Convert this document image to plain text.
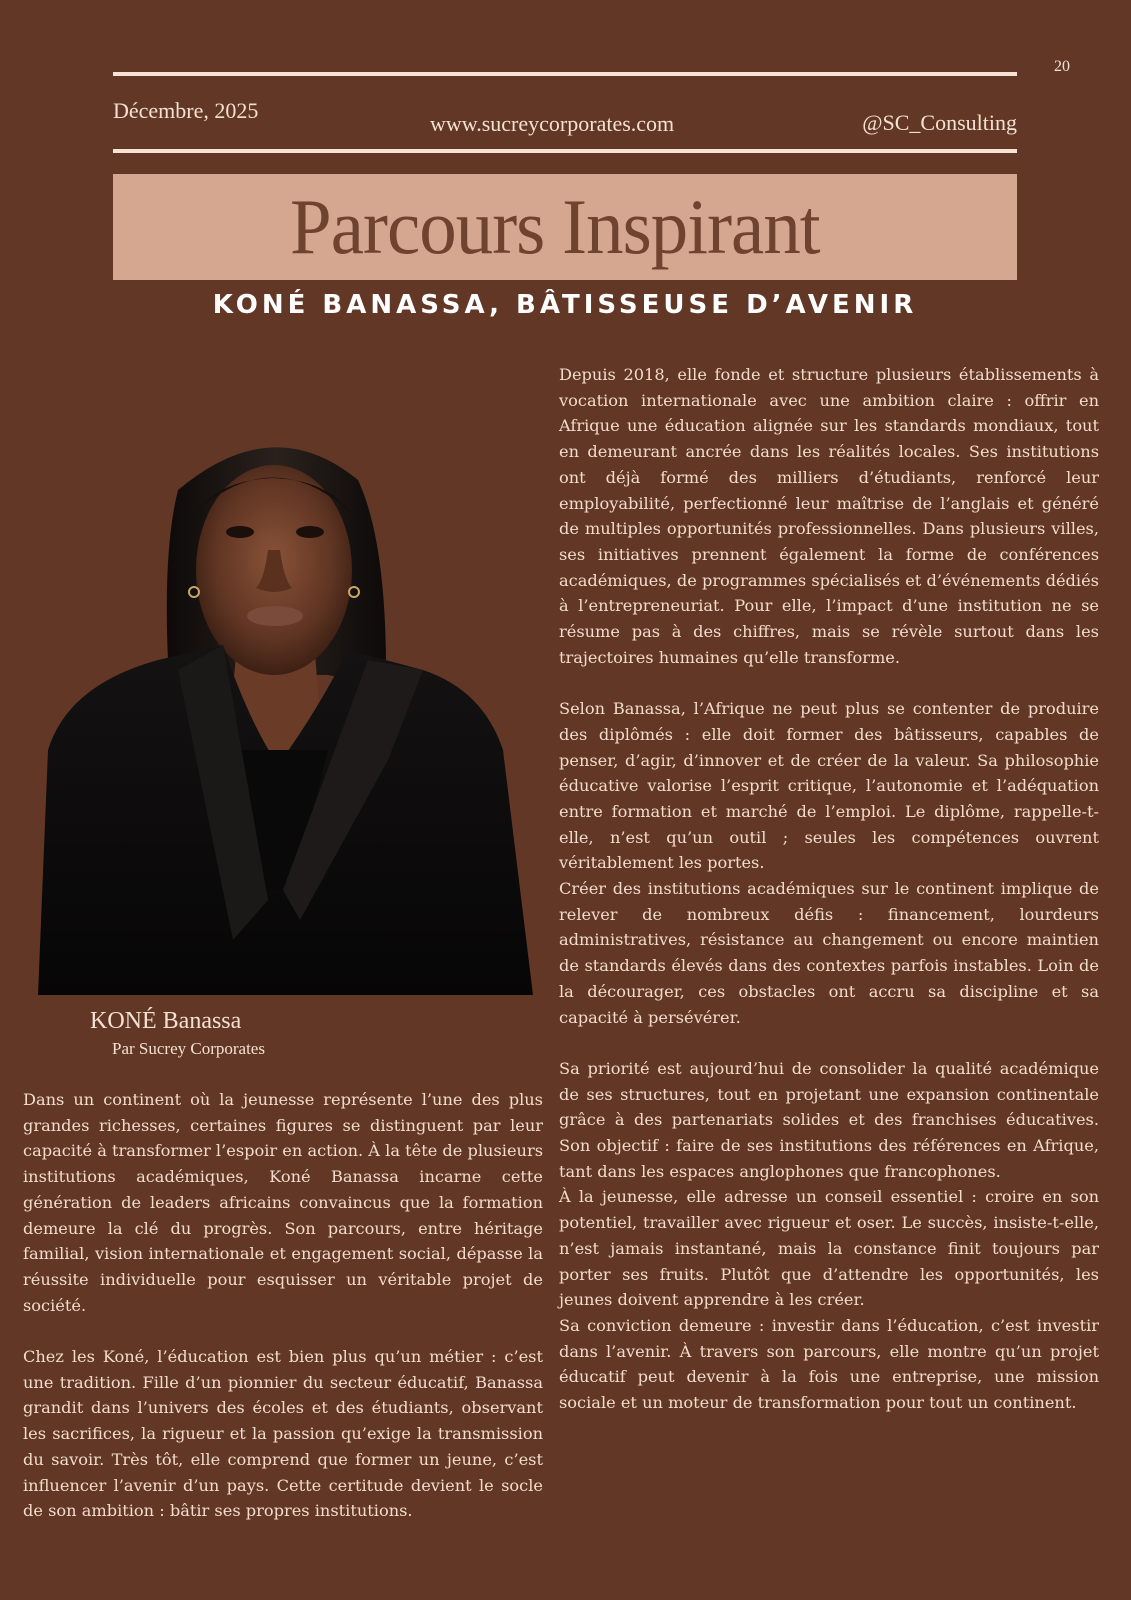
20
Décembre, 2025
www.sucreycorporates.com	@SC_Consulting
Parcours Inspirant
KONÉ BANASSA, BÂTISSEUSE D’AVENIR
KONÉ Banassa
Par Sucrey Corporates

Dans un continent où la jeunesse représente l’une des plus grandes richesses, certaines figures se distinguent par leur capacité à transformer l’espoir en action. À la tête de plusieurs institutions académiques, Koné Banassa incarne cette génération de leaders africains convaincus que la formation demeure la clé du progrès. Son parcours, entre héritage familial, vision internationale et engagement social, dépasse la réussite individuelle pour esquisser un véritable projet de société.

Chez les Koné, l’éducation est bien plus qu’un métier : c’est une tradition. Fille d’un pionnier du secteur éducatif, Banassa grandit dans l’univers des écoles et des étudiants, observant les sacrifices, la rigueur et la passion qu’exige la transmission du savoir. Très tôt, elle comprend que former un jeune, c’est influencer l’avenir d’un pays. Cette certitude devient le socle de son ambition : bâtir ses propres institutions.

Depuis 2018, elle fonde et structure plusieurs établissements à vocation internationale avec une ambition claire : offrir en Afrique une éducation alignée sur les standards mondiaux, tout en demeurant ancrée dans les réalités locales. Ses institutions ont déjà formé des milliers d’étudiants, renforcé leur employabilité, perfectionné leur maîtrise de l’anglais et généré de multiples opportunités professionnelles. Dans plusieurs villes, ses initiatives prennent également la forme de conférences académiques, de programmes spécialisés et d’événements dédiés à l’entrepreneuriat. Pour elle, l’impact d’une institution ne se résume pas à des chiffres, mais se révèle surtout dans les trajectoires humaines qu’elle transforme.

Selon Banassa, l’Afrique ne peut plus se contenter de produire des diplômés : elle doit former des bâtisseurs, capables de penser, d’agir, d’innover et de créer de la valeur. Sa philosophie éducative valorise l’esprit critique, l’autonomie et l’adéquation entre formation et marché de l’emploi. Le diplôme, rappelle-t-elle, n’est qu’un outil ; seules les compétences ouvrent véritablement les portes.

Créer des institutions académiques sur le continent implique de relever de nombreux défis : financement, lourdeurs administratives, résistance au changement ou encore maintien de standards élevés dans des contextes parfois instables. Loin de la décourager, ces obstacles ont accru sa discipline et sa capacité à persévérer.

Sa priorité est aujourd’hui de consolider la qualité académique de ses structures, tout en projetant une expansion continentale grâce à des partenariats solides et des franchises éducatives. Son objectif : faire de ses institutions des références en Afrique, tant dans les espaces anglophones que francophones.

À la jeunesse, elle adresse un conseil essentiel : croire en son potentiel, travailler avec rigueur et oser. Le succès, insiste-t-elle, n’est jamais instantané, mais la constance finit toujours par porter ses fruits. Plutôt que d’attendre les opportunités, les jeunes doivent apprendre à les créer.

Sa conviction demeure : investir dans l’éducation, c’est investir dans l’avenir. À travers son parcours, elle montre qu’un projet éducatif peut devenir à la fois une entreprise, une mission sociale et un moteur de transformation pour tout un continent.
